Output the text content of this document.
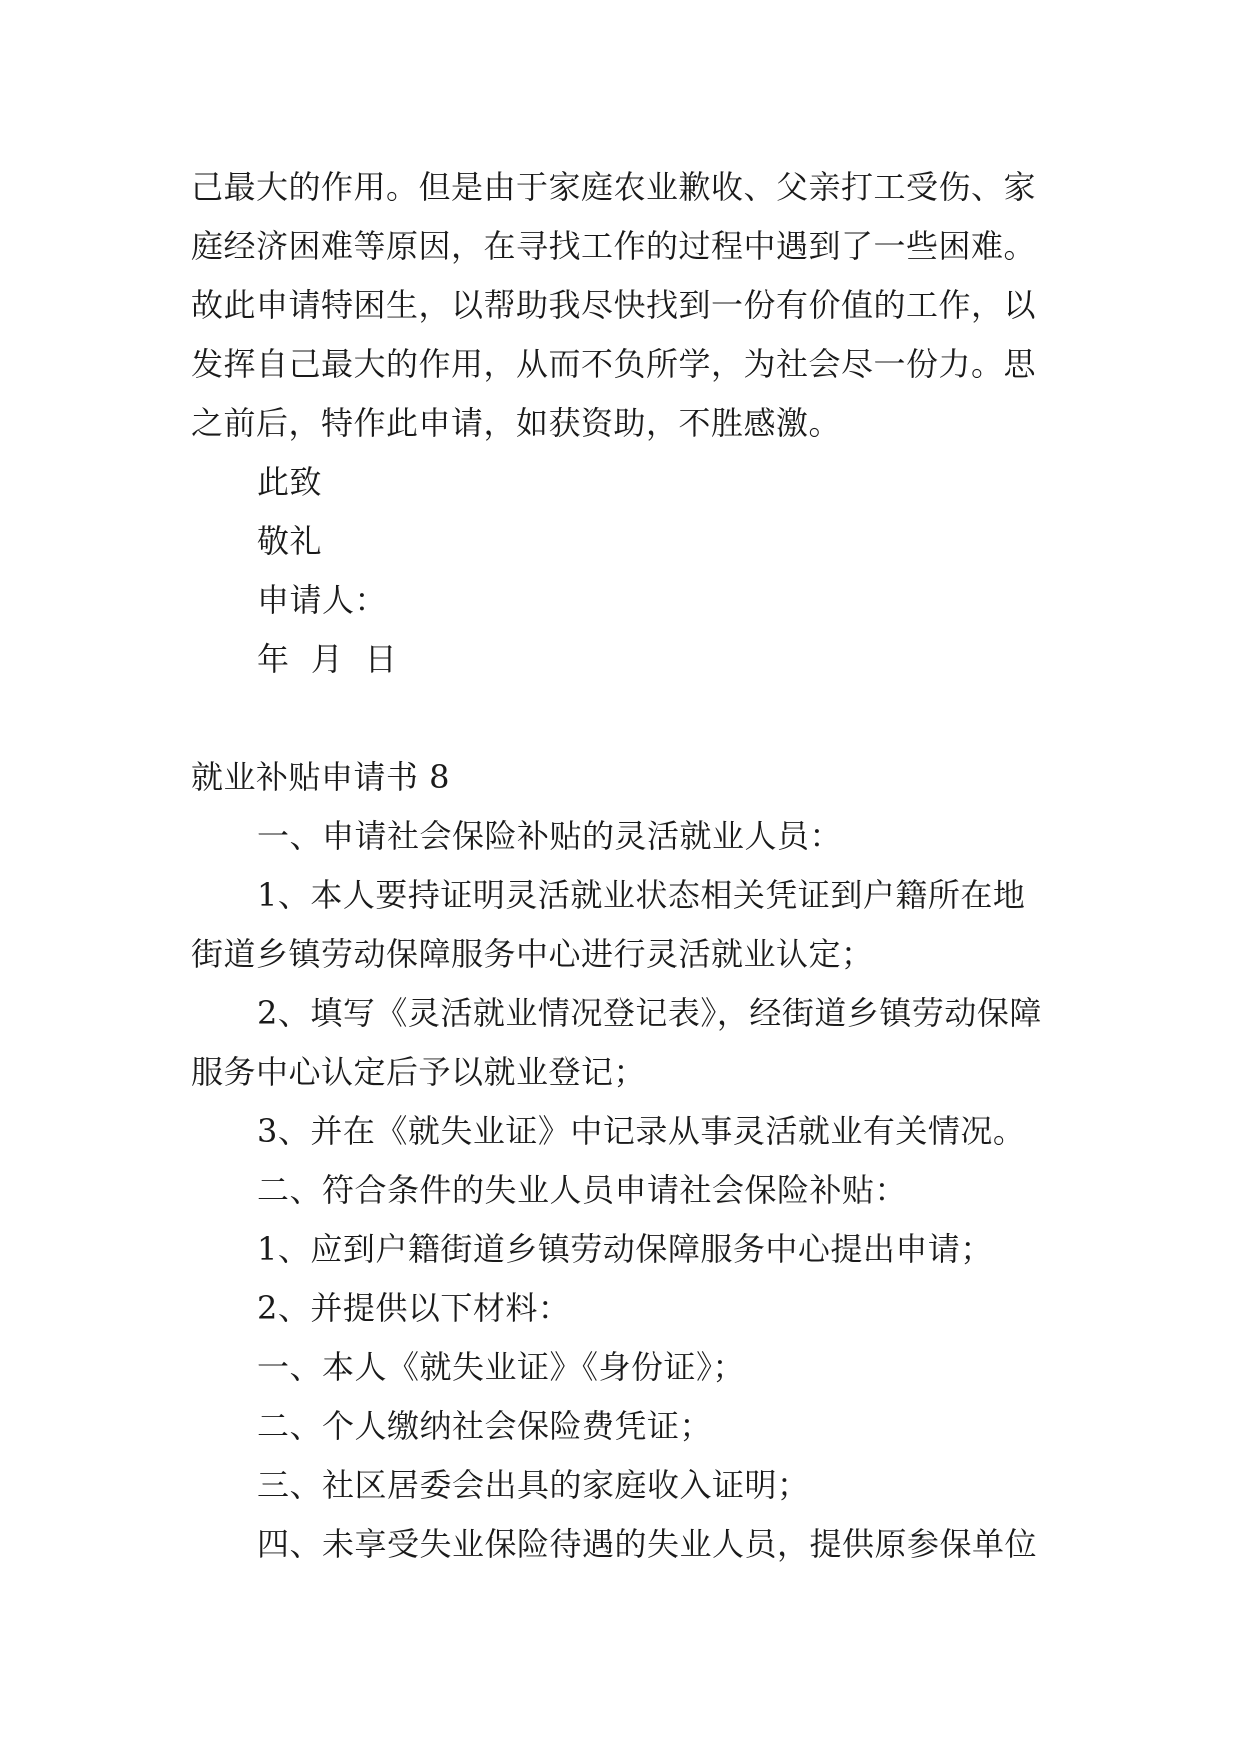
己最大的作用。但是由于家庭农业歉收、父亲打工受伤、家
庭经济困难等原因，在寻找工作的过程中遇到了一些困难。
故此申请特困生，以帮助我尽快找到一份有价值的工作，以
发挥自己最大的作用，从而不负所学，为社会尽一份力。思
之前后，特作此申请，如获资助，不胜感激。
此致
敬礼
申请人：
年  月  日
就业补贴申请书 8
一、申请社会保险补贴的灵活就业人员：
1、本人要持证明灵活就业状态相关凭证到户籍所在地
街道乡镇劳动保障服务中心进行灵活就业认定；
2、填写《灵活就业情况登记表》，经街道乡镇劳动保障
服务中心认定后予以就业登记；
3、并在《就失业证》中记录从事灵活就业有关情况。
二、符合条件的失业人员申请社会保险补贴：
1、应到户籍街道乡镇劳动保障服务中心提出申请；
2、并提供以下材料：
一、本人《就失业证》《身份证》；
二、个人缴纳社会保险费凭证；
三、社区居委会出具的家庭收入证明；
四、未享受失业保险待遇的失业人员，提供原参保单位
